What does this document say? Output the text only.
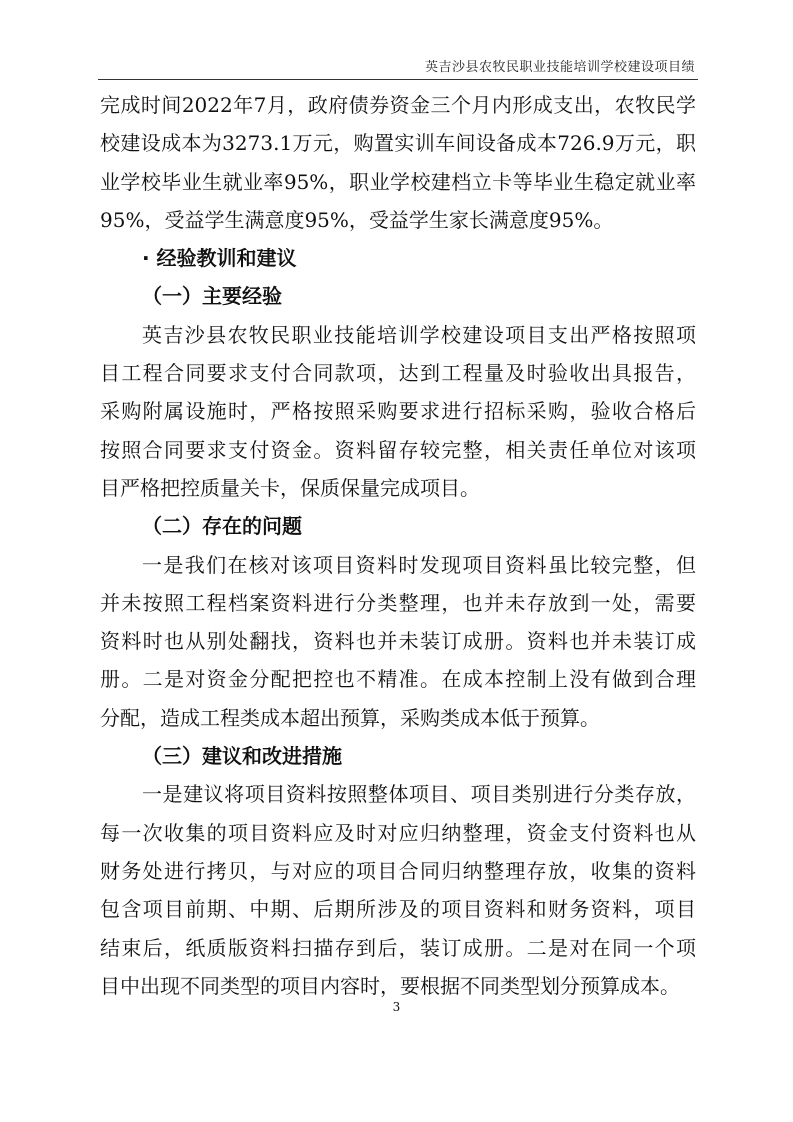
英吉沙县农牧民职业技能培训学校建设项目绩
完成时间2022年7月，政府债券资金三个月内形成支出，农牧民学
校建设成本为3273.1万元，购置实训车间设备成本726.9万元，职
业学校毕业生就业率95%，职业学校建档立卡等毕业生稳定就业率
95%，受益学生满意度95%，受益学生家长满意度95%。
· 经验教训和建议
（一）主要经验
英吉沙县农牧民职业技能培训学校建设项目支出严格按照项
目工程合同要求支付合同款项，达到工程量及时验收出具报告，
采购附属设施时，严格按照采购要求进行招标采购，验收合格后
按照合同要求支付资金。资料留存较完整，相关责任单位对该项
目严格把控质量关卡，保质保量完成项目。
（二）存在的问题
一是我们在核对该项目资料时发现项目资料虽比较完整，但
并未按照工程档案资料进行分类整理，也并未存放到一处，需要
资料时也从别处翻找，资料也并未装订成册。资料也并未装订成
册。二是对资金分配把控也不精准。在成本控制上没有做到合理
分配，造成工程类成本超出预算，采购类成本低于预算。
（三）建议和改进措施
一是建议将项目资料按照整体项目、项目类别进行分类存放，
每一次收集的项目资料应及时对应归纳整理，资金支付资料也从
财务处进行拷贝，与对应的项目合同归纳整理存放，收集的资料
包含项目前期、中期、后期所涉及的项目资料和财务资料，项目
结束后，纸质版资料扫描存到后，装订成册。二是对在同一个项
目中出现不同类型的项目内容时，要根据不同类型划分预算成本。
3
